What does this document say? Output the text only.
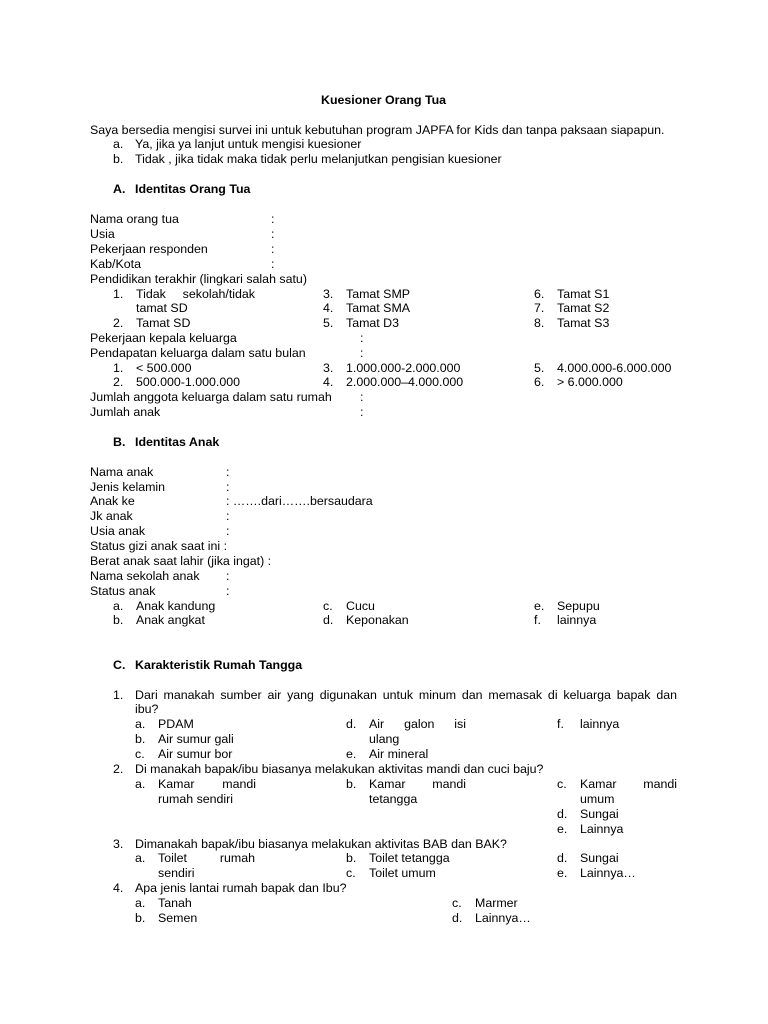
Kuesioner Orang Tua
Saya bersedia mengisi survei ini untuk kebutuhan program JAPFA for Kids dan tanpa paksaan siapapun.
a. Ya, jika ya lanjut untuk mengisi kuesioner
b. Tidak , jika tidak maka tidak perlu melanjutkan pengisian kuesioner
A. Identitas Orang Tua
Nama orang tua	:
Usia	:
Pekerjaan responden	:
Kab/Kota	:
Pendidikan terakhir (lingkari salah satu)
1. Tidak sekolah/tidak
tamat SD
2. Tamat SD
3. Tamat SMP
4. Tamat SMA
5. Tamat D3
6. Tamat S1
7. Tamat S2
8. Tamat S3
Pekerjaan kepala keluarga	:
Pendapatan keluarga dalam satu bulan	:
1. < 500.000
2. 500.000-1.000.000
3. 1.000.000-2.000.000
4. 2.000.000–4.000.000
5. 4.000.000-6.000.000
6. > 6.000.000
Jumlah anggota keluarga dalam satu rumah :
Jumlah anak	:
B. Identitas Anak
Nama anak	:
Jenis kelamin	:
Anak ke	: …….dari…….bersaudara
Jk anak	:
Usia anak	:
Status gizi anak saat ini :
Berat anak saat lahir (jika ingat) :
Nama sekolah anak :
Status anak	:
a. Anak kandung
b. Anak angkat
c. Cucu
d. Keponakan
e. Sepupu
f. lainnya
C. Karakteristik Rumah Tangga
1. Dari manakah sumber air yang digunakan untuk minum dan memasak di keluarga bapak dan
ibu?
a. PDAM
b. Air sumur gali
c. Air sumur bor
d. Air galon isi
ulang
e. Air mineral
f. lainnya
2. Di manakah bapak/ibu biasanya melakukan aktivitas mandi dan cuci baju?
a. Kamar mandi
rumah sendiri
b. Kamar mandi
tetangga
c. Kamar mandi
umum
d. Sungai
e. Lainnya
3. Dimanakah bapak/ibu biasanya melakukan aktivitas BAB dan BAK?
a. Toilet rumah
sendiri
b. Toilet tetangga
c. Toilet umum
d. Sungai
e. Lainnya…
4. Apa jenis lantai rumah bapak dan Ibu?
a. Tanah
b. Semen
c. Marmer
d. Lainnya…
